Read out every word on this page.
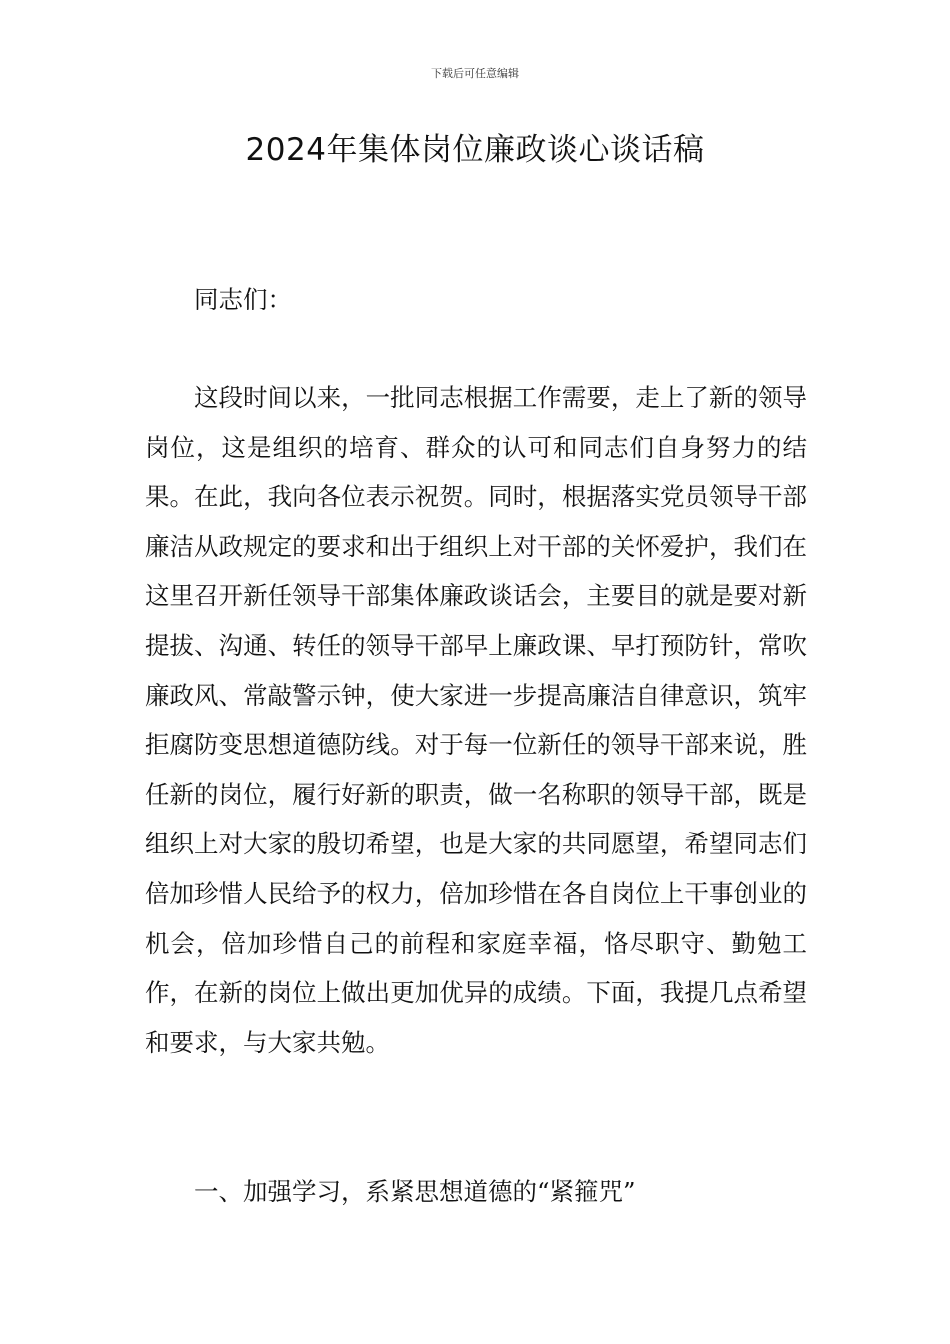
下载后可任意编辑
2024年集体岗位廉政谈心谈话稿

同志们：

这段时间以来，一批同志根据工作需要，走上了新的领导岗位，这是组织的培育、群众的认可和同志们自身努力的结果。在此，我向各位表示祝贺。同时，根据落实党员领导干部廉洁从政规定的要求和出于组织上对干部的关怀爱护，我们在这里召开新任领导干部集体廉政谈话会，主要目的就是要对新提拔、沟通、转任的领导干部早上廉政课、早打预防针，常吹廉政风、常敲警示钟，使大家进一步提高廉洁自律意识，筑牢拒腐防变思想道德防线。对于每一位新任的领导干部来说，胜任新的岗位，履行好新的职责，做一名称职的领导干部，既是组织上对大家的殷切希望，也是大家的共同愿望，希望同志们倍加珍惜人民给予的权力，倍加珍惜在各自岗位上干事创业的机会，倍加珍惜自己的前程和家庭幸福，恪尽职守、勤勉工作，在新的岗位上做出更加优异的成绩。下面，我提几点希望和要求，与大家共勉。

一、加强学习，系紧思想道德的“紧箍咒”
